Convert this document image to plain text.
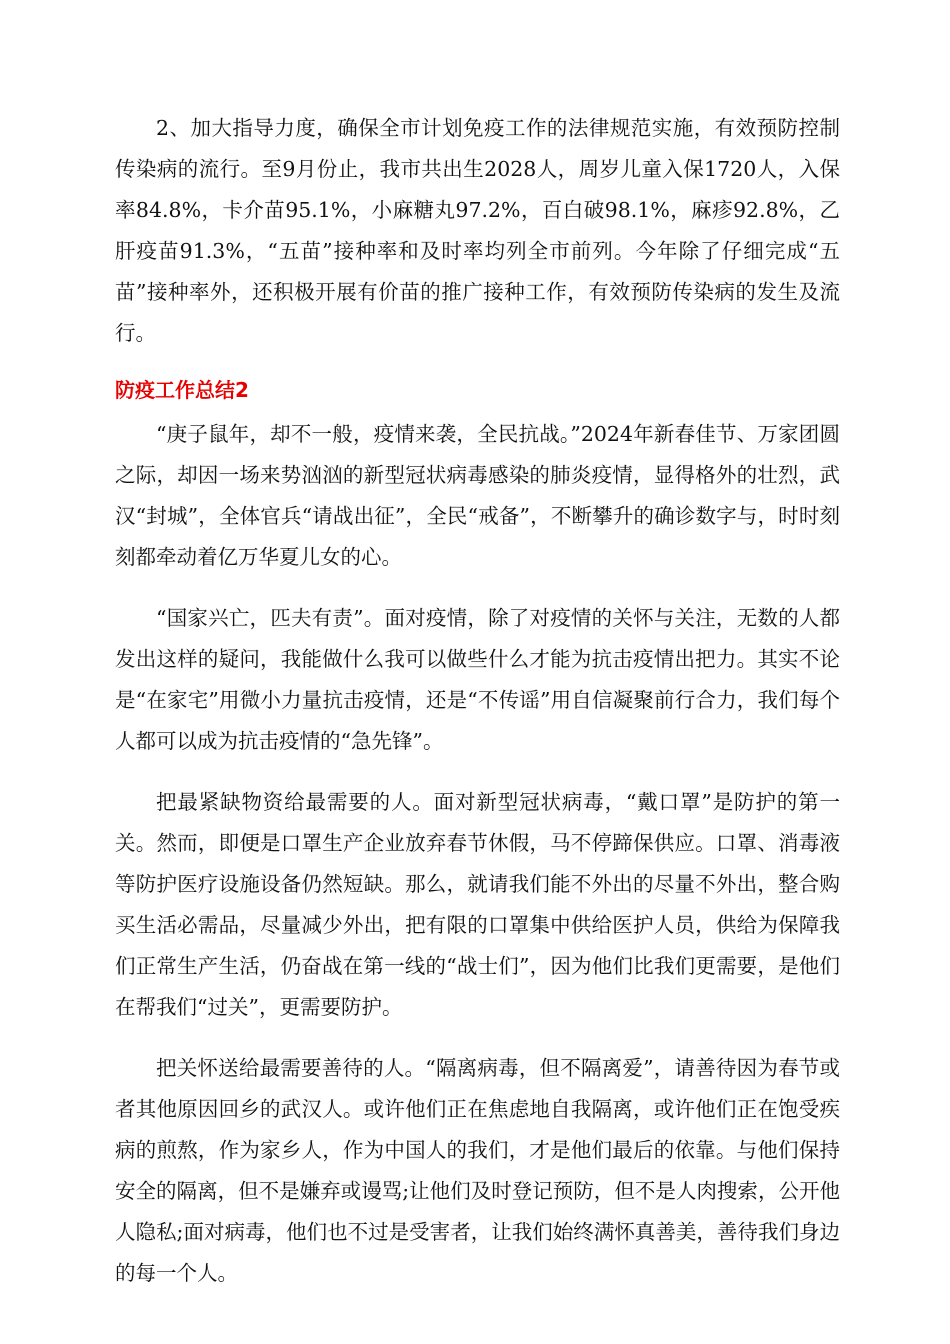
2、加大指导力度，确保全市计划免疫工作的法律规范实施，有效预防控制传染病的流行。至9月份止，我市共出生2028人，周岁儿童入保1720人，入保率84.8%，卡介苗95.1%，小麻糖丸97.2%，百白破98.1%，麻疹92.8%，乙肝疫苗91.3%，“五苗”接种率和及时率均列全市前列。今年除了仔细完成“五苗”接种率外，还积极开展有价苗的推广接种工作，有效预防传染病的发生及流行。

防疫工作总结2

“庚子鼠年，却不一般，疫情来袭，全民抗战。”2024年新春佳节、万家团圆之际，却因一场来势汹汹的新型冠状病毒感染的肺炎疫情，显得格外的壮烈，武汉“封城”，全体官兵“请战出征”，全民“戒备”，不断攀升的确诊数字与，时时刻刻都牵动着亿万华夏儿女的心。

“国家兴亡，匹夫有责”。面对疫情，除了对疫情的关怀与关注，无数的人都发出这样的疑问，我能做什么我可以做些什么才能为抗击疫情出把力。其实不论是“在家宅”用微小力量抗击疫情，还是“不传谣”用自信凝聚前行合力，我们每个人都可以成为抗击疫情的“急先锋”。

把最紧缺物资给最需要的人。面对新型冠状病毒，“戴口罩”是防护的第一关。然而，即便是口罩生产企业放弃春节休假，马不停蹄保供应。口罩、消毒液等防护医疗设施设备仍然短缺。那么，就请我们能不外出的尽量不外出，整合购买生活必需品，尽量减少外出，把有限的口罩集中供给医护人员，供给为保障我们正常生产生活，仍奋战在第一线的“战士们”，因为他们比我们更需要，是他们在帮我们“过关”，更需要防护。

把关怀送给最需要善待的人。“隔离病毒，但不隔离爱”，请善待因为春节或者其他原因回乡的武汉人。或许他们正在焦虑地自我隔离，或许他们正在饱受疾病的煎熬，作为家乡人，作为中国人的我们，才是他们最后的依靠。与他们保持安全的隔离，但不是嫌弃或谩骂;让他们及时登记预防，但不是人肉搜索，公开他人隐私;面对病毒，他们也不过是受害者，让我们始终满怀真善美，善待我们身边的每一个人。
